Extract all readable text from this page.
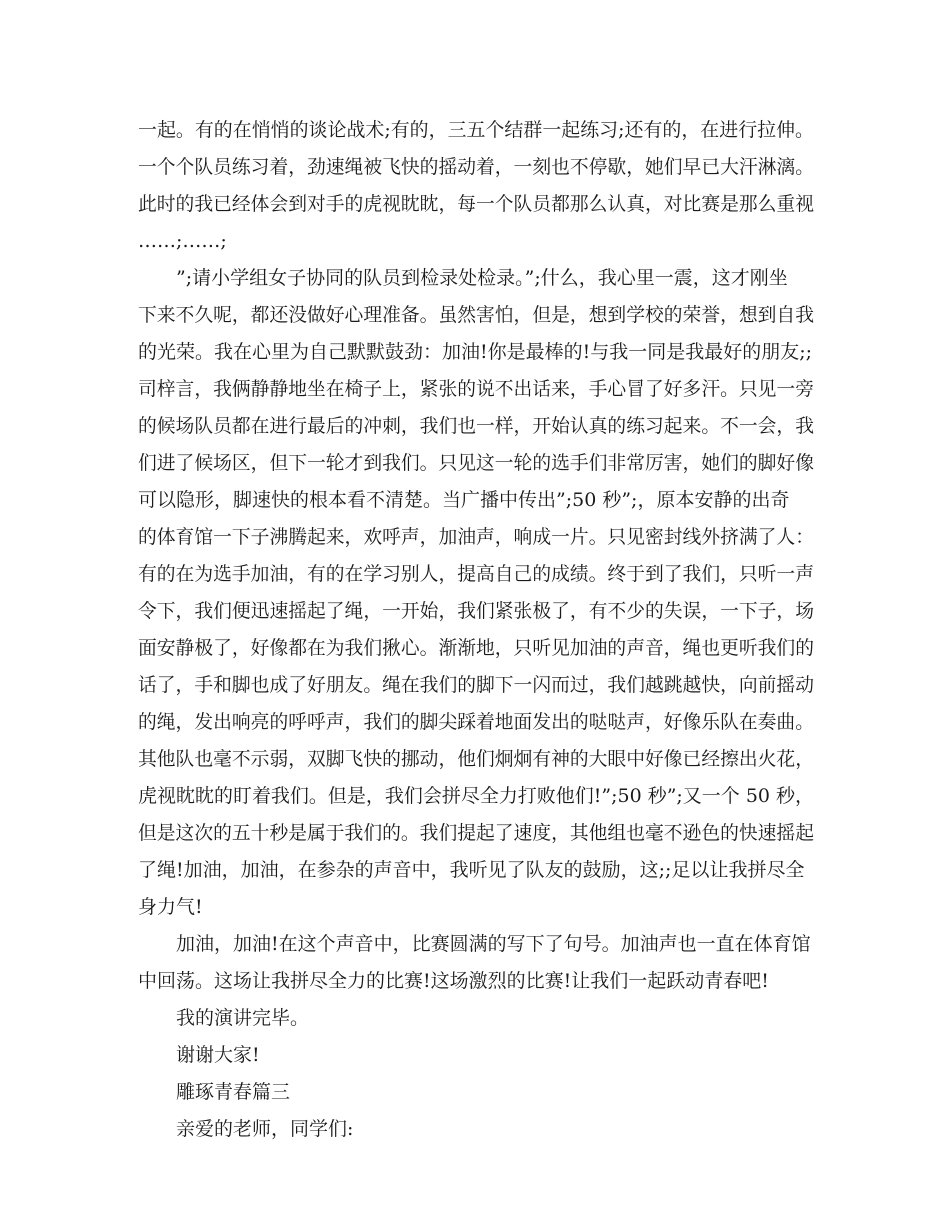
一起。有的在悄悄的谈论战术;有的，三五个结群一起练习;还有的，在进行拉伸。
一个个队员练习着，劲速绳被飞快的摇动着，一刻也不停歇，她们早已大汗淋漓。
此时的我已经体会到对手的虎视眈眈，每一个队员都那么认真，对比赛是那么重视
……;……;
”;请小学组女子协同的队员到检录处检录。”;什么，我心里一震，这才刚坐
下来不久呢，都还没做好心理准备。虽然害怕，但是，想到学校的荣誉，想到自我
的光荣。我在心里为自己默默鼓劲：加油!你是最棒的!与我一同是我最好的朋友;;
司梓言，我俩静静地坐在椅子上，紧张的说不出话来，手心冒了好多汗。只见一旁
的候场队员都在进行最后的冲刺，我们也一样，开始认真的练习起来。不一会，我
们进了候场区，但下一轮才到我们。只见这一轮的选手们非常厉害，她们的脚好像
可以隐形，脚速快的根本看不清楚。当广播中传出”;50 秒”;，原本安静的出奇
的体育馆一下子沸腾起来，欢呼声，加油声，响成一片。只见密封线外挤满了人：
有的在为选手加油，有的在学习别人，提高自己的成绩。终于到了我们，只听一声
令下，我们便迅速摇起了绳，一开始，我们紧张极了，有不少的失误，一下子，场
面安静极了，好像都在为我们揪心。渐渐地，只听见加油的声音，绳也更听我们的
话了，手和脚也成了好朋友。绳在我们的脚下一闪而过，我们越跳越快，向前摇动
的绳，发出响亮的呼呼声，我们的脚尖踩着地面发出的哒哒声，好像乐队在奏曲。
其他队也毫不示弱，双脚飞快的挪动，他们炯炯有神的大眼中好像已经擦出火花，
虎视眈眈的盯着我们。但是，我们会拼尽全力打败他们!”;50 秒”;又一个 50 秒，
但是这次的五十秒是属于我们的。我们提起了速度，其他组也毫不逊色的快速摇起
了绳!加油，加油，在参杂的声音中，我听见了队友的鼓励，这;;足以让我拼尽全
身力气!
加油，加油!在这个声音中，比赛圆满的写下了句号。加油声也一直在体育馆
中回荡。这场让我拼尽全力的比赛!这场激烈的比赛!让我们一起跃动青春吧!
我的演讲完毕。
谢谢大家!
雕琢青春篇三
亲爱的老师，同学们:
